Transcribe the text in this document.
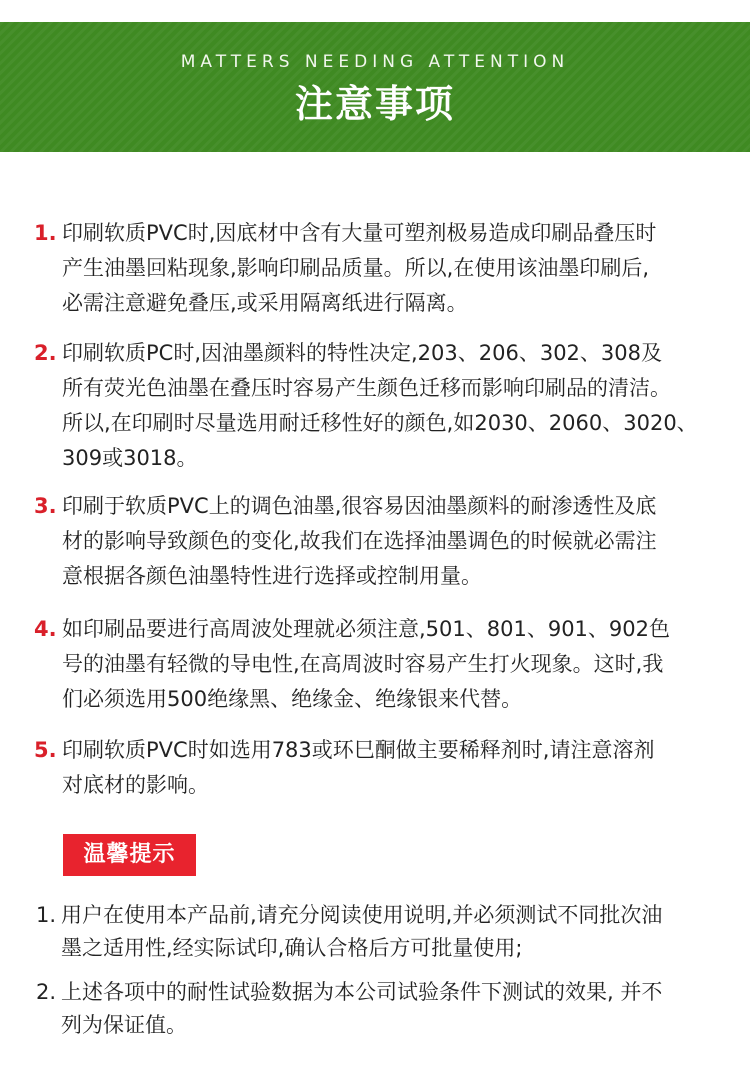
MATTERS NEEDING ATTENTION
注意事项
1. 印刷软质PVC时,因底材中含有大量可塑剂极易造成印刷品叠压时
产生油墨回粘现象,影响印刷品质量。所以,在使用该油墨印刷后,
必需注意避免叠压,或采用隔离纸进行隔离。
2. 印刷软质PC时,因油墨颜料的特性决定,203、206、302、308及
所有荧光色油墨在叠压时容易产生颜色迁移而影响印刷品的清洁。
所以,在印刷时尽量选用耐迁移性好的颜色,如2030、2060、3020、
309或3018。
3. 印刷于软质PVC上的调色油墨,很容易因油墨颜料的耐渗透性及底
材的影响导致颜色的变化,故我们在选择油墨调色的时候就必需注
意根据各颜色油墨特性进行选择或控制用量。
4. 如印刷品要进行高周波处理就必须注意,501、801、901、902色
号的油墨有轻微的导电性,在高周波时容易产生打火现象。这时,我
们必须选用500绝缘黑、绝缘金、绝缘银来代替。
5. 印刷软质PVC时如选用783或环巳酮做主要稀释剂时,请注意溶剂
对底材的影响。
温馨提示
1. 用户在使用本产品前,请充分阅读使用说明,并必须测试不同批次油
墨之适用性,经实际试印,确认合格后方可批量使用;
2. 上述各项中的耐性试验数据为本公司试验条件下测试的效果, 并不
列为保证值。
